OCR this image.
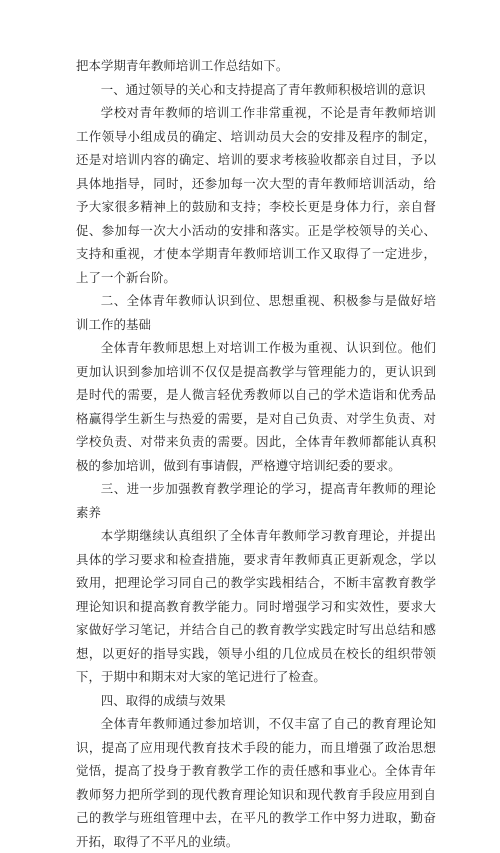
把本学期青年教师培训工作总结如下。

一、通过领导的关心和支持提高了青年教师积极培训的意识

学校对青年教师的培训工作非常重视，不论是青年教师培训工作领导小组成员的确定、培训动员大会的安排及程序的制定，还是对培训内容的确定、培训的要求考核验收都亲自过目，予以具体地指导，同时，还参加每一次大型的青年教师培训活动，给予大家很多精神上的鼓励和支持；李校长更是身体力行，亲自督促、参加每一次大小活动的安排和落实。正是学校领导的关心、支持和重视，才使本学期青年教师培训工作又取得了一定进步，上了一个新台阶。

二、全体青年教师认识到位、思想重视、积极参与是做好培训工作的基础

全体青年教师思想上对培训工作极为重视、认识到位。他们更加认识到参加培训不仅仅是提高教学与管理能力的，更认识到是时代的需要，是人微言轻优秀教师以自己的学术造诣和优秀品格赢得学生新生与热爱的需要，是对自己负责、对学生负责、对学校负责、对带来负责的需要。因此，全体青年教师都能认真积极的参加培训，做到有事请假，严格遵守培训纪委的要求。

三、进一步加强教育教学理论的学习，提高青年教师的理论素养

本学期继续认真组织了全体青年教师学习教育理论，并提出具体的学习要求和检查措施，要求青年教师真正更新观念，学以致用，把理论学习同自己的教学实践相结合，不断丰富教育教学理论知识和提高教育教学能力。同时增强学习和实效性，要求大家做好学习笔记，并结合自己的教育教学实践定时写出总结和感想，以更好的指导实践，领导小组的几位成员在校长的组织带领下，于期中和期末对大家的笔记进行了检查。

四、取得的成绩与效果

全体青年教师通过参加培训，不仅丰富了自己的教育理论知识，提高了应用现代教育技术手段的能力，而且增强了政治思想觉悟，提高了投身于教育教学工作的责任感和事业心。全体青年教师努力把所学到的现代教育理论知识和现代教育手段应用到自己的教学与班组管理中去，在平凡的教学工作中努力进取，勤奋开拓，取得了不平凡的业绩。
